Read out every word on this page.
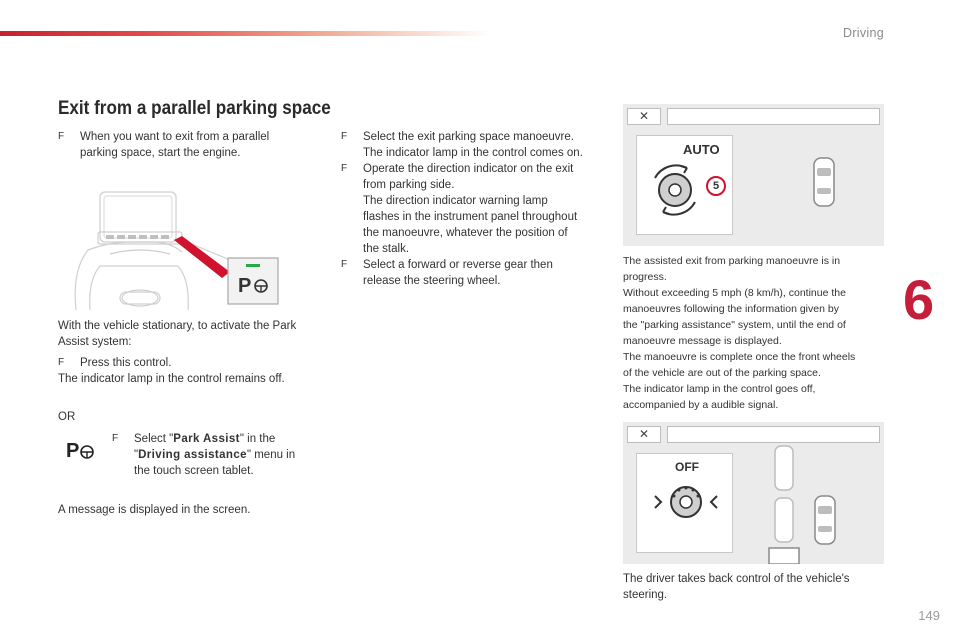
Driving
6
149
Exit from a parallel parking space
F When you want to exit from a parallel
parking space, start the engine.
P
With the vehicle stationary, to activate the Park
Assist system:
F Press this control.
The indicator lamp in the control remains off.
OR
P
F Select "Park Assist" in the
"Driving assistance" menu in
the touch screen tablet.
A message is displayed in the screen.
F Select the exit parking space manoeuvre.
The indicator lamp in the control comes on.
F Operate the direction indicator on the exit
from parking side.
The direction indicator warning lamp
flashes in the instrument panel throughout
the manoeuvre, whatever the position of
the stalk.
F Select a forward or reverse gear then
release the steering wheel.
✕
AUTO
5
The assisted exit from parking manoeuvre is in
progress.
Without exceeding 5 mph (8 km/h), continue the
manoeuvres following the information given by
the "parking assistance" system, until the end of
manoeuvre message is displayed.
The manoeuvre is complete once the front wheels
of the vehicle are out of the parking space.
The indicator lamp in the control goes off,
accompanied by a audible signal.
✕
OFF
The driver takes back control of the vehicle's
steering.
